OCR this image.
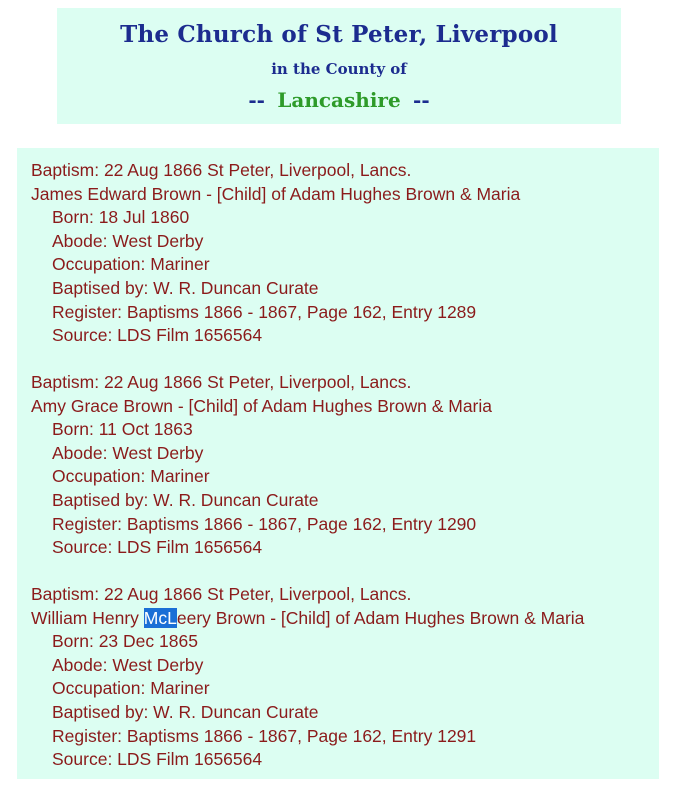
The Church of St Peter, Liverpool
in the County of
-- Lancashire --
Baptism: 22 Aug 1866 St Peter, Liverpool, Lancs.
James Edward Brown - [Child] of Adam Hughes Brown & Maria
Born: 18 Jul 1860
Abode: West Derby
Occupation: Mariner
Baptised by: W. R. Duncan Curate
Register: Baptisms 1866 - 1867, Page 162, Entry 1289
Source: LDS Film 1656564
Baptism: 22 Aug 1866 St Peter, Liverpool, Lancs.
Amy Grace Brown - [Child] of Adam Hughes Brown & Maria
Born: 11 Oct 1863
Abode: West Derby
Occupation: Mariner
Baptised by: W. R. Duncan Curate
Register: Baptisms 1866 - 1867, Page 162, Entry 1290
Source: LDS Film 1656564
Baptism: 22 Aug 1866 St Peter, Liverpool, Lancs.
William Henry McLeery Brown - [Child] of Adam Hughes Brown & Maria
Born: 23 Dec 1865
Abode: West Derby
Occupation: Mariner
Baptised by: W. R. Duncan Curate
Register: Baptisms 1866 - 1867, Page 162, Entry 1291
Source: LDS Film 1656564
